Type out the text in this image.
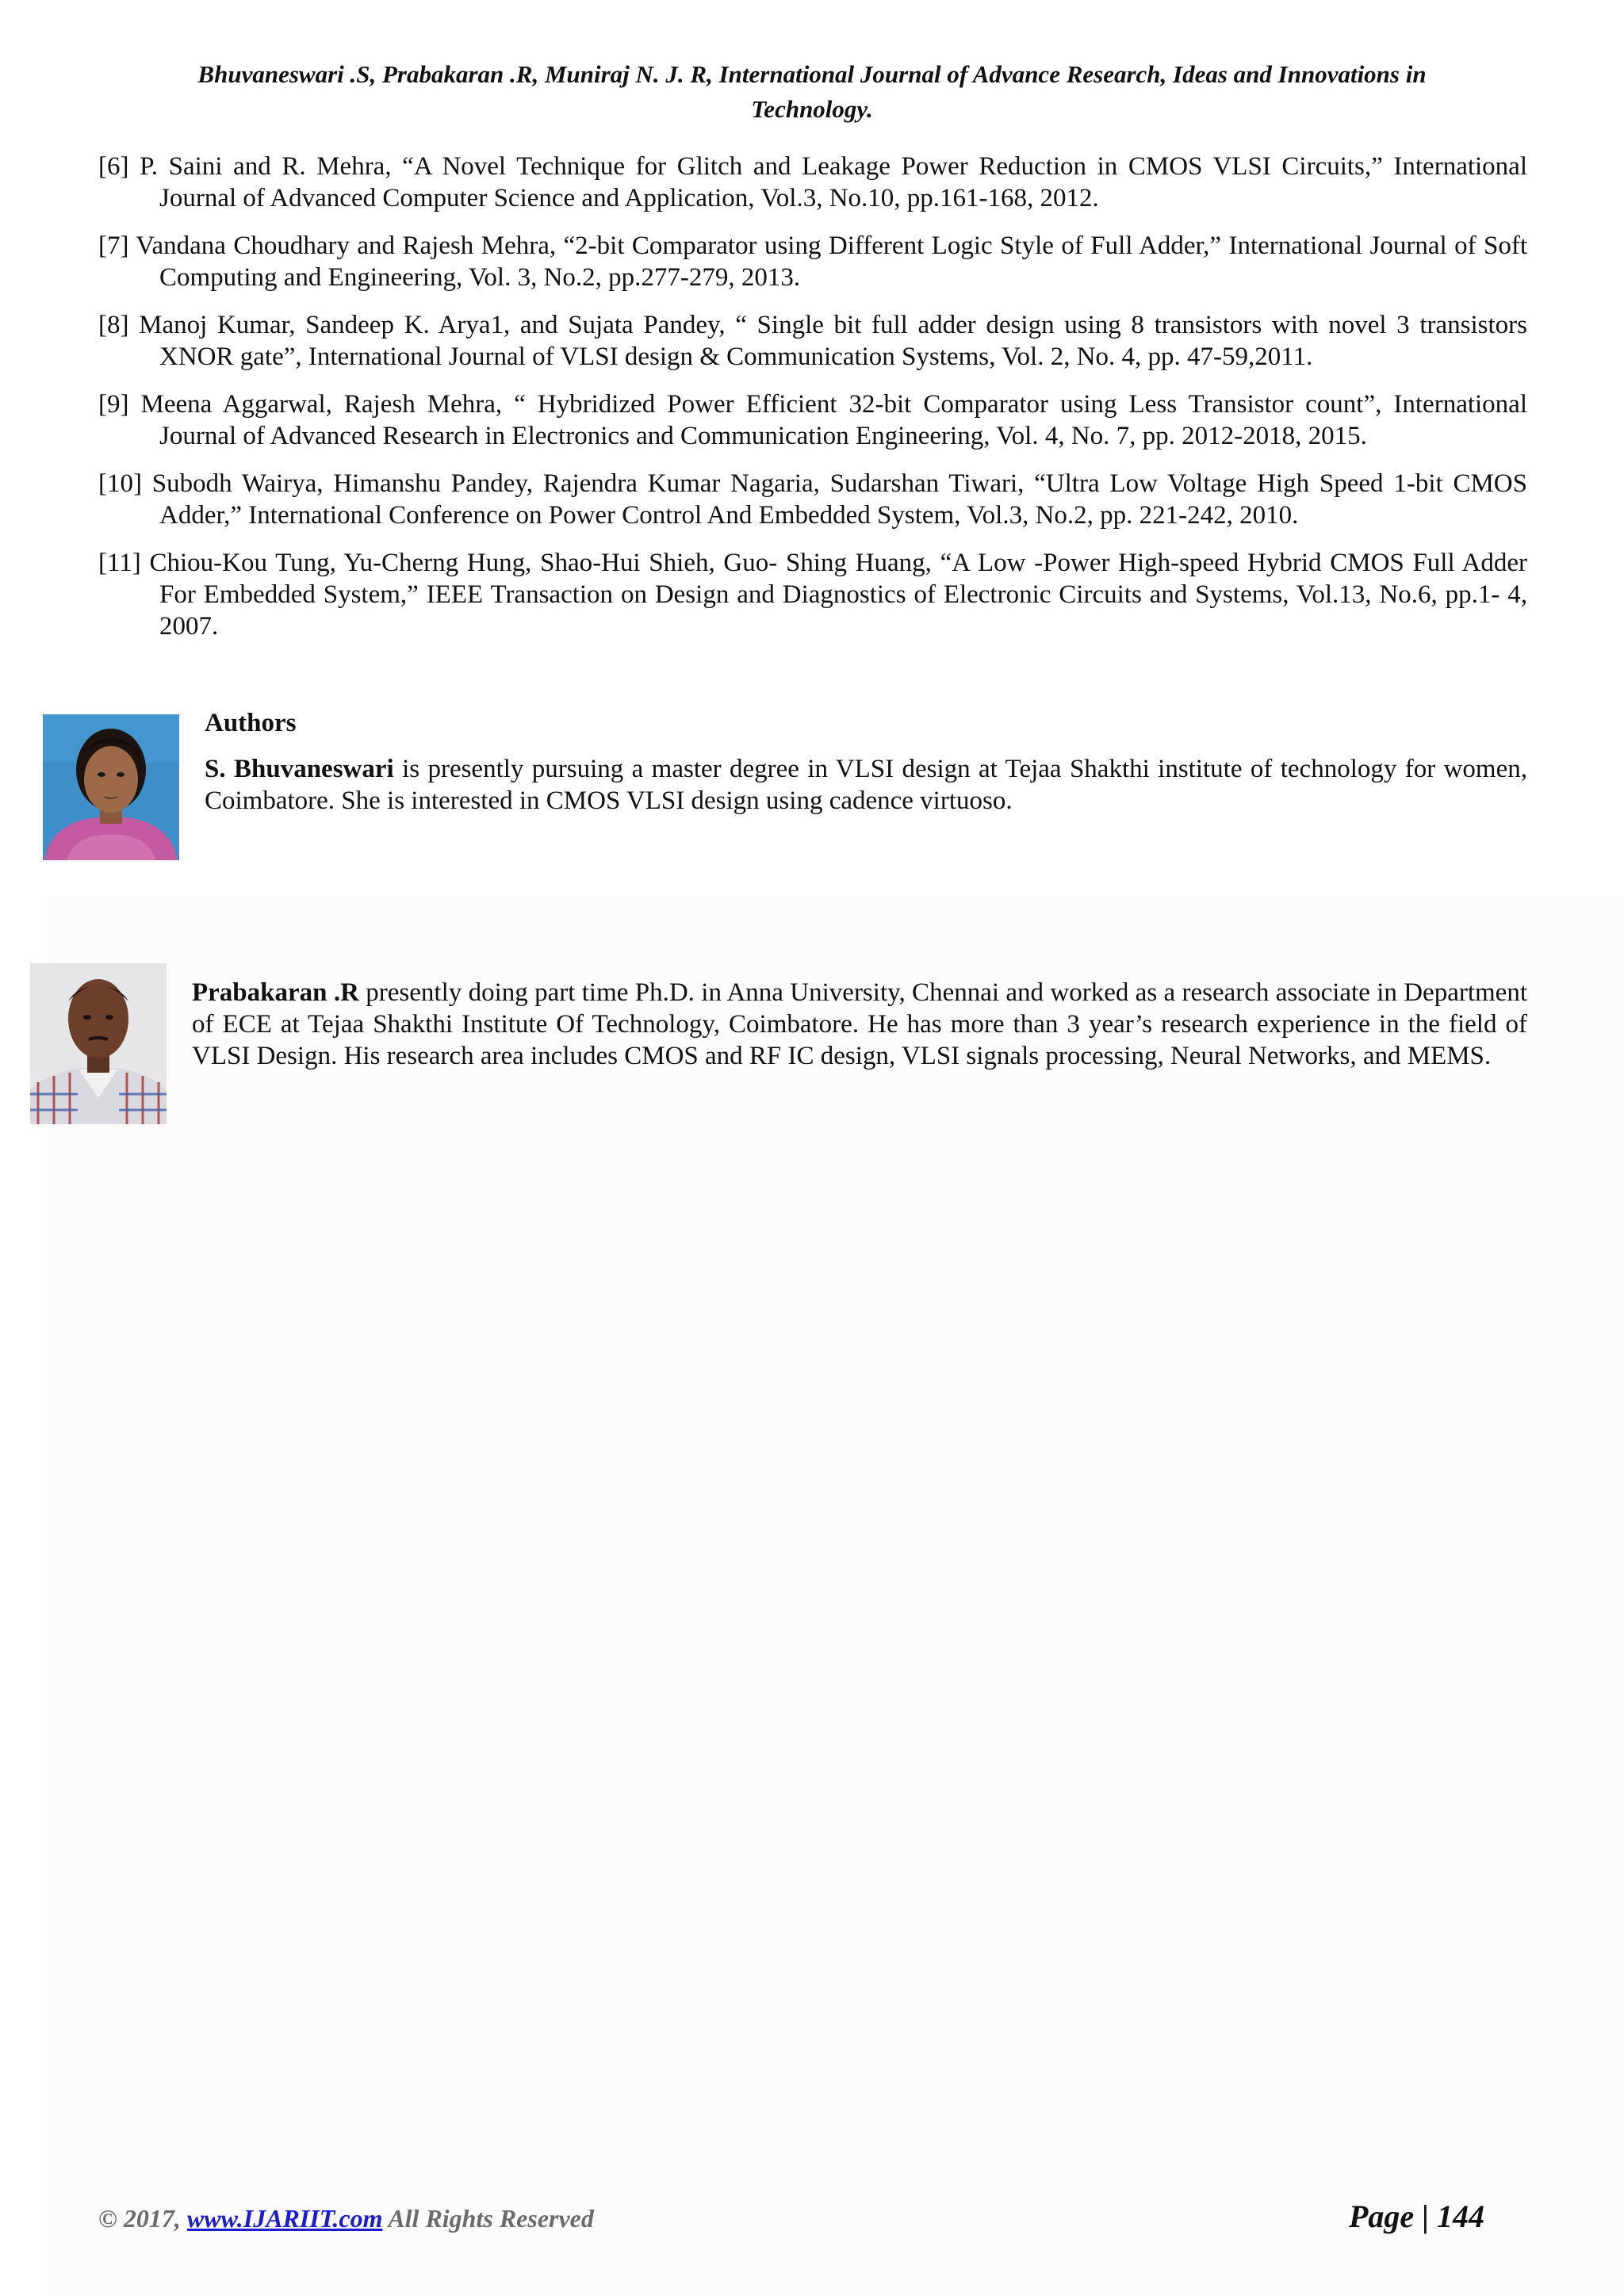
Bhuvaneswari .S, Prabakaran .R, Muniraj N. J. R, International Journal of Advance Research, Ideas and Innovations in
Technology.
[6] P. Saini and R. Mehra, “A Novel Technique for Glitch and Leakage Power Reduction in CMOS VLSI Circuits,” International Journal of Advanced Computer Science and Application, Vol.3, No.10, pp.161-168, 2012.
[7] Vandana Choudhary and Rajesh Mehra, “2-bit Comparator using Different Logic Style of Full Adder,” International Journal of Soft Computing and Engineering, Vol. 3, No.2, pp.277-279, 2013.
[8] Manoj Kumar, Sandeep K. Arya1, and Sujata Pandey, “ Single bit full adder design using 8 transistors with novel 3 transistors XNOR gate”, International Journal of VLSI design & Communication Systems, Vol. 2, No. 4, pp. 47-59,2011.
[9] Meena Aggarwal, Rajesh Mehra, “ Hybridized Power Efficient 32-bit Comparator using Less Transistor count”, International Journal of Advanced Research in Electronics and Communication Engineering, Vol. 4, No. 7, pp. 2012-2018, 2015.
[10] Subodh Wairya, Himanshu Pandey, Rajendra Kumar Nagaria, Sudarshan Tiwari, “Ultra Low Voltage High Speed 1-bit CMOS Adder,” International Conference on Power Control And Embedded System, Vol.3, No.2, pp. 221-242, 2010.
[11] Chiou-Kou Tung, Yu-Cherng Hung, Shao-Hui Shieh, Guo- Shing Huang, “A Low -Power High-speed Hybrid CMOS Full Adder For Embedded System,” IEEE Transaction on Design and Diagnostics of Electronic Circuits and Systems, Vol.13, No.6, pp.1- 4, 2007.
Authors
S. Bhuvaneswari is presently pursuing a master degree in VLSI design at Tejaa Shakthi institute of technology for women, Coimbatore. She is interested in CMOS VLSI design using cadence virtuoso.
Prabakaran .R presently doing part time Ph.D. in Anna University, Chennai and worked as a research associate in Department of ECE at Tejaa Shakthi Institute Of Technology, Coimbatore. He has more than 3 year’s research experience in the field of VLSI Design. His research area includes CMOS and RF IC design, VLSI signals processing, Neural Networks, and MEMS.
© 2017, www.IJARIIT.com All Rights Reserved	Page | 144
